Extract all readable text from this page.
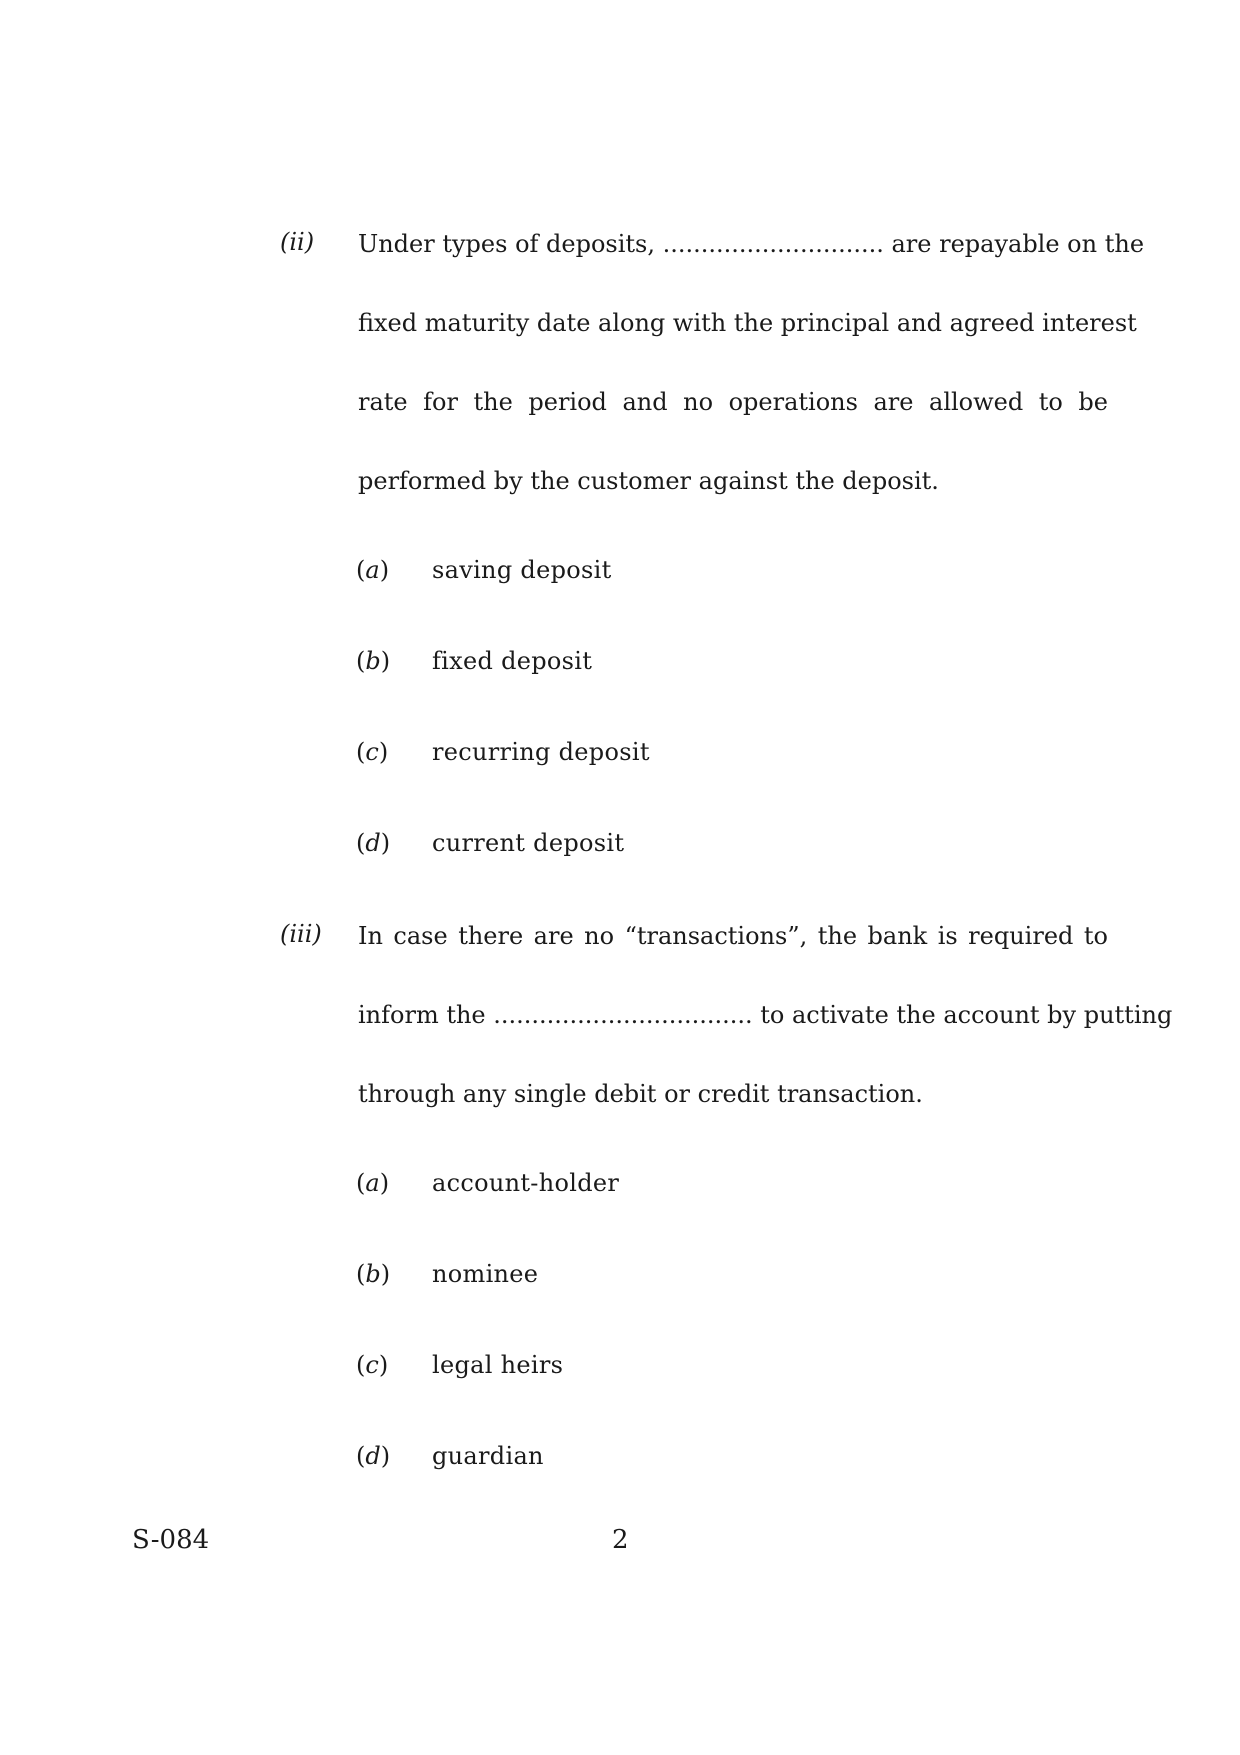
(ii) Under types of deposits, ............................. are repayable on the
fixed maturity date along with the principal and agreed interest
rate for the period and no operations are allowed to be
performed by the customer against the deposit.
(a) saving deposit
(b) fixed deposit
(c) recurring deposit
(d) current deposit
(iii) In case there are no “transactions”, the bank is required to
inform the .................................. to activate the account by putting
through any single debit or credit transaction.
(a) account-holder
(b) nominee
(c) legal heirs
(d) guardian
S-084	2
